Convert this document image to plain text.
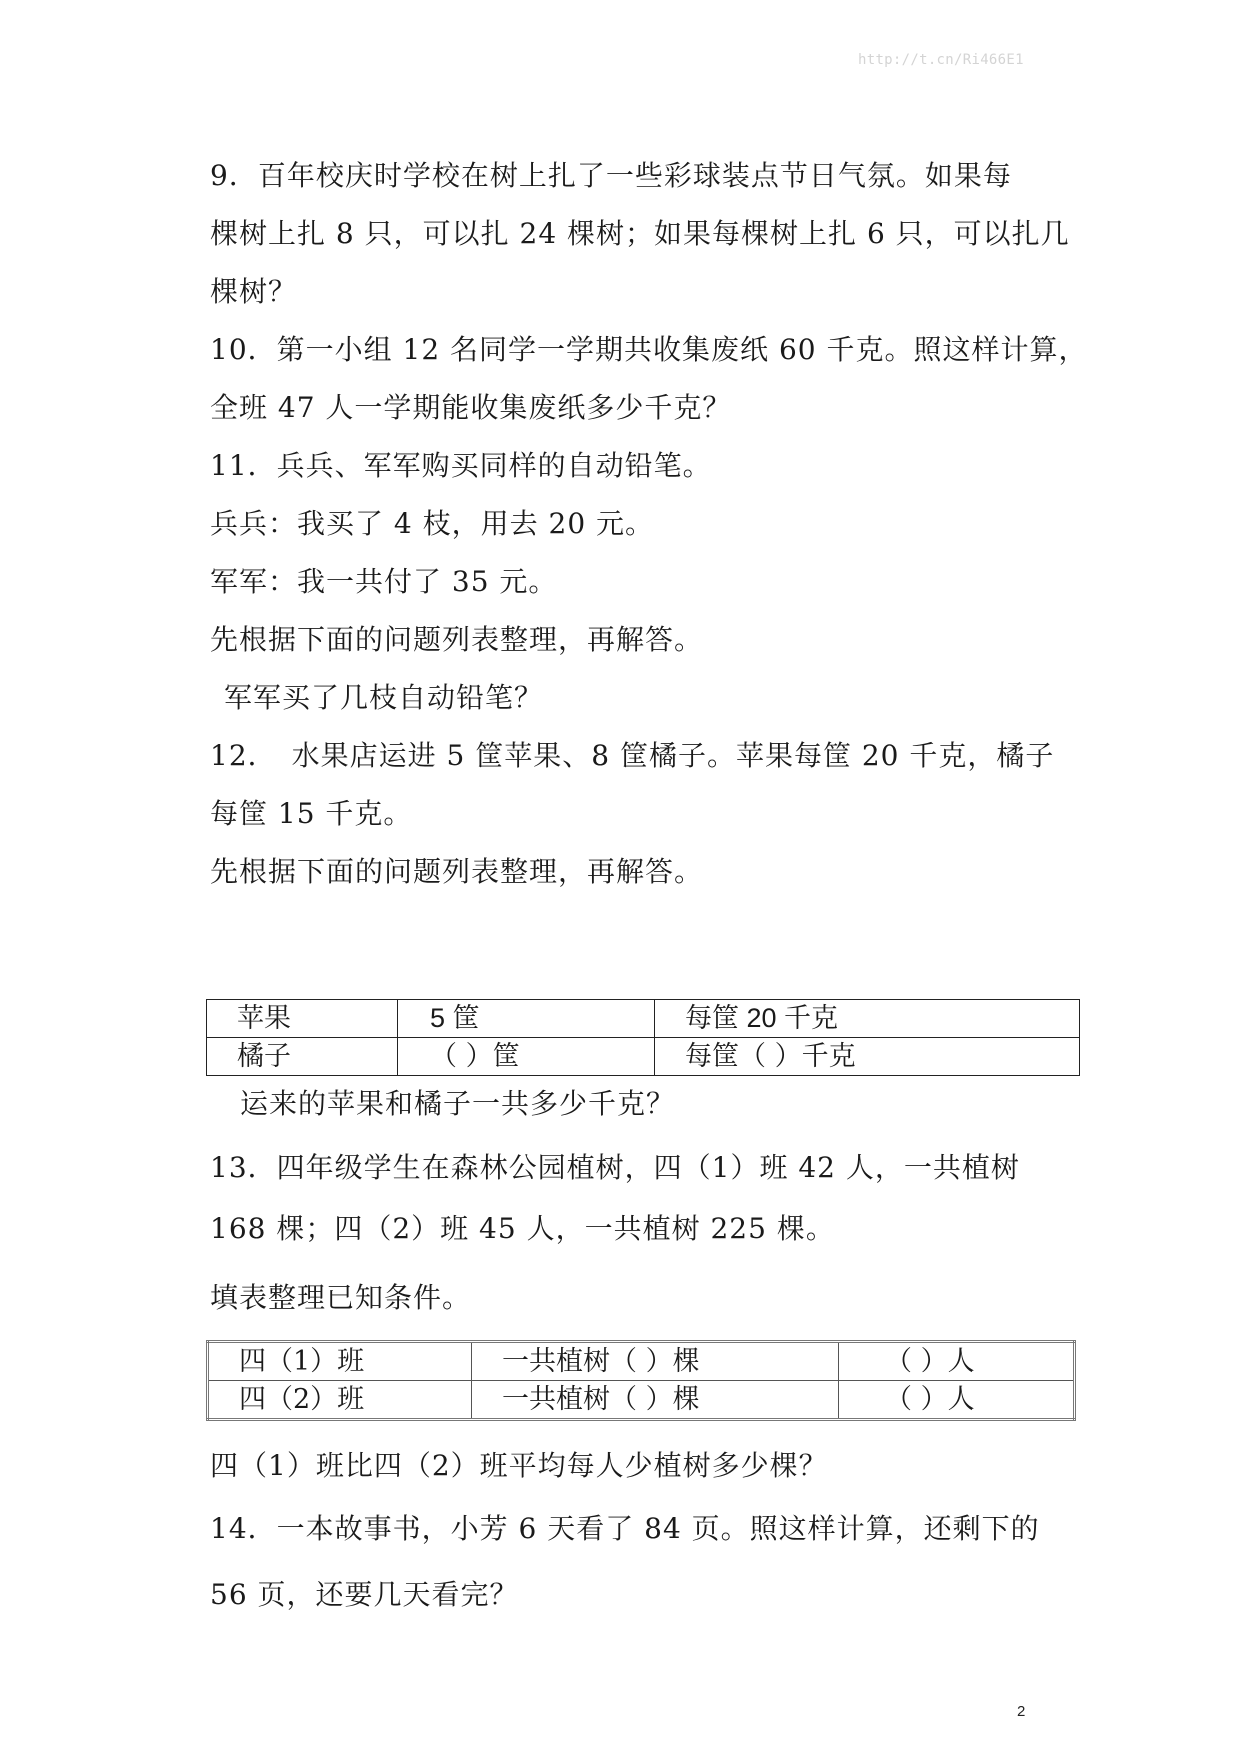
http://t.cn/Ri466E1
9．百年校庆时学校在树上扎了一些彩球装点节日气氛。如果每
棵树上扎 8 只，可以扎 24 棵树；如果每棵树上扎 6 只，可以扎几
棵树？
10．第一小组 12 名同学一学期共收集废纸 60 千克。照这样计算，
全班 47 人一学期能收集废纸多少千克？
11．兵兵、军军购买同样的自动铅笔。
兵兵：我买了 4 枝，用去 20 元。
军军：我一共付了 35 元。
先根据下面的问题列表整理，再解答。
军军买了几枝自动铅笔？
12．　水果店运进 5 筐苹果、8 筐橘子。苹果每筐 20 千克，橘子
每筐 15 千克。
先根据下面的问题列表整理，再解答。
苹果	5 筐	每筐 20 千克
橘子	（ ）筐	每筐（ ）千克
运来的苹果和橘子一共多少千克？
13．四年级学生在森林公园植树，四（1）班 42 人，一共植树
168 棵；四（2）班 45 人，一共植树 225 棵。
填表整理已知条件。
四（1）班	一共植树（ ）棵	（ ）人
四（2）班	一共植树（ ）棵	（ ）人
四（1）班比四（2）班平均每人少植树多少棵？
14．一本故事书，小芳 6 天看了 84 页。照这样计算，还剩下的
56 页，还要几天看完？
2
